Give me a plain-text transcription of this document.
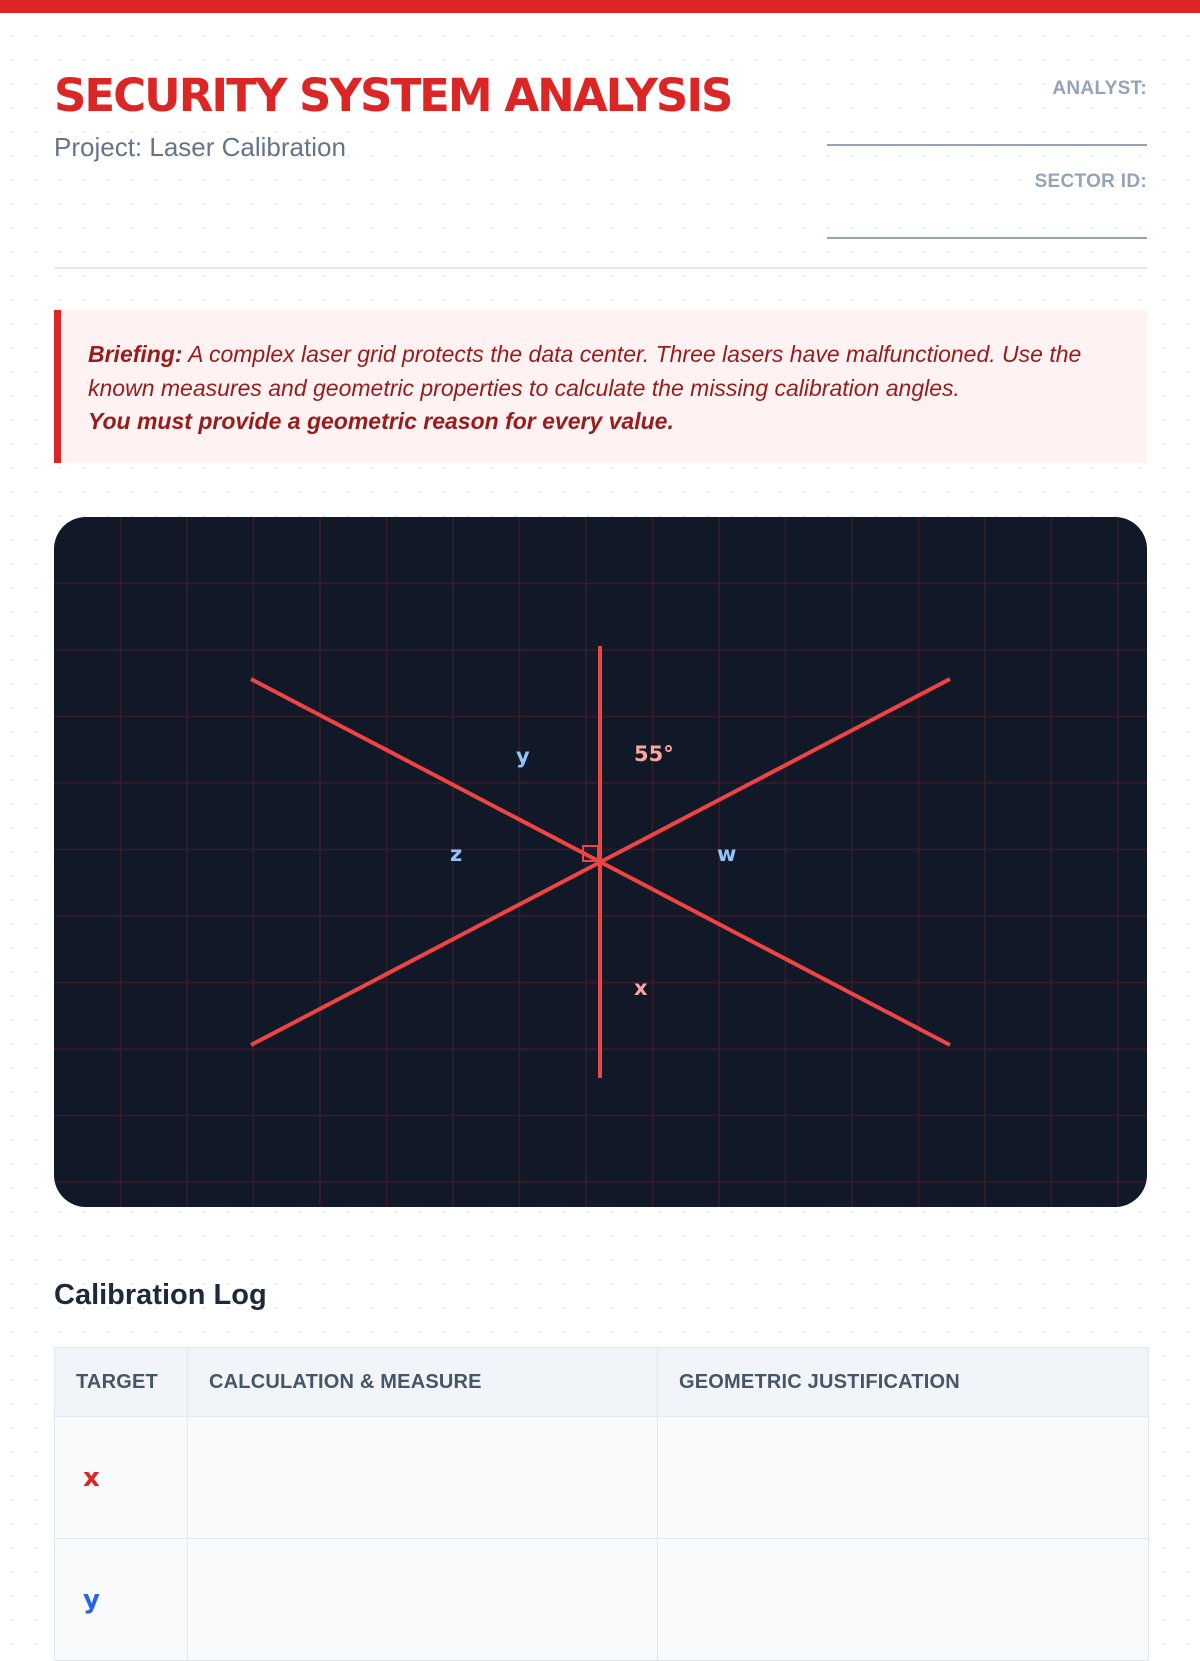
SECURITY SYSTEM ANALYSIS
Project: Laser Calibration
ANALYST:
SECTOR ID:
Briefing: A complex laser grid protects the data center. Three lasers have malfunctioned. Use the known measures and geometric properties to calculate the missing calibration angles.
You must provide a geometric reason for every value.
55°
y
z	w
x
Calibration Log
TARGET	CALCULATION & MEASURE	GEOMETRIC JUSTIFICATION
x		
y		
